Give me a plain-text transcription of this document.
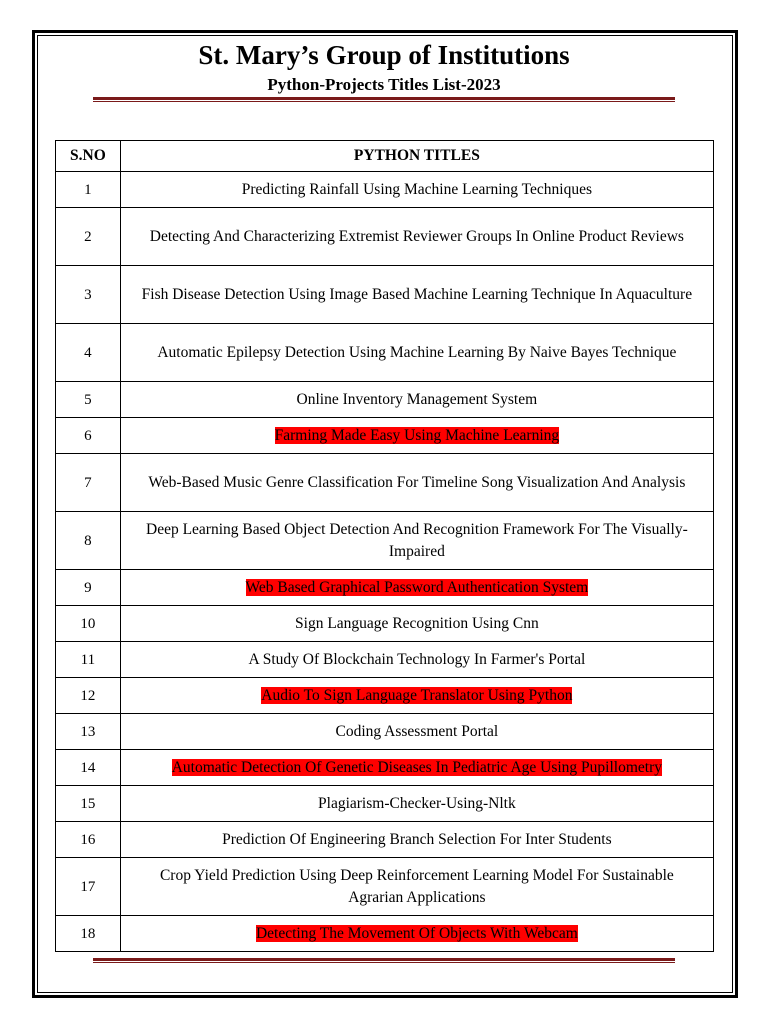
St. Mary’s Group of Institutions
Python-Projects Titles List-2023
S.NO	PYTHON TITLES
1	Predicting Rainfall Using Machine Learning Techniques
2	Detecting And Characterizing Extremist Reviewer Groups In Online Product Reviews
3	Fish Disease Detection Using Image Based Machine Learning Technique In Aquaculture
4	Automatic Epilepsy Detection Using Machine Learning By Naive Bayes Technique
5	Online Inventory Management System
6	Farming Made Easy Using Machine Learning
7	Web-Based Music Genre Classification For Timeline Song Visualization And Analysis
8	Deep Learning Based Object Detection And Recognition Framework For The Visually-Impaired
9	Web Based Graphical Password Authentication System
10	Sign Language Recognition Using Cnn
11	A Study Of Blockchain Technology In Farmer's Portal
12	Audio To Sign Language Translator Using Python
13	Coding Assessment Portal
14	Automatic Detection Of Genetic Diseases In Pediatric Age Using Pupillometry
15	Plagiarism-Checker-Using-Nltk
16	Prediction Of Engineering Branch Selection For Inter Students
17	Crop Yield Prediction Using Deep Reinforcement Learning Model For Sustainable Agrarian Applications
18	Detecting The Movement Of Objects With Webcam
